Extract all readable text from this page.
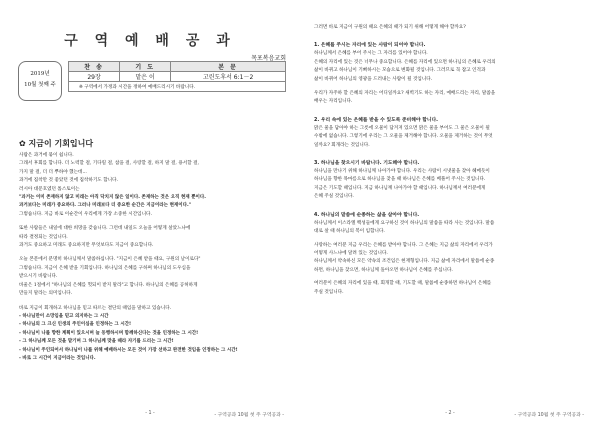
구 역 예 배 공 과
목포복음교회
2019년
10월 첫째 주
찬 송	기 도	본 문
29장	맡은 이	고린도후서 6:1－2
※ 구역에서 가정과 시간을 정하여 예배드리시기 바랍니다.		
✿ 지금이 기회입니다
사람은 과거에 묶이 쉽니다.
그래서 후회를 합니다. 더 노력할 걸, 기다릴 걸, 참을 걸, 사랑할 걸, 하지 말 걸, 용서할 걸,
가지 말 걸, 더 더 뿌하야 했는데...
과거에 집착만 것 좋았던 것에 집착하기도 합니다.
러시아 대문호였던 톨스토이는
"과거는 이미 존재하지 않고 미래는 아직 닥치지 않은 일이다. 존재하는 것은 오직 현재 뿐이다.
과거보다는 미래가 중요하다. 그러나 미래보다 더 중요한 순간은 지금이라는 현재이다."
그렇습니다. 지금 바로 이순간이 우리에게 가장 소중한 시간입니다.
또한 사람들은 내일에 대한 희망을 갖습니다. 그런데 내일도 오늘을 어떻게 살았느냐에
따라 결정되는 것입니다.
과거도 중요하고 미래도 중요하지만 무엇보다도 지금이 중요합니다.
오늘 본문에서 분명히 하나님께서 말씀하십니다. "지금이 은혜 받을 때요, 구원의 날이로다"
그렇습니다. 지금이 은혜 받을 기회입니다. 하나님의 은혜를 구하며 하나님의 도우심을
받으시기 바랍니다.
바울은 1절에서 "하나님의 은혜를 헛되이 받지 말라"고 합니다. 하나님의 은혜를 공허하게
만들지 말라는 의미입니다.
바로 지금이 회개하고 하나님을 믿고 따르는 결단의 때임을 말하고 있습니다.
- 하나님만이 소망임을 믿고 의지하는 그 시간
- 하나님의 그 크신 인생의 주인이심을 인정하는 그 시간!
- 하나님이 나를 향한 계획이 있으시며 늘 동행하시며 함께하신다는 것을 인정하는 그 시간!
- 그 하나님께 모든 것을 맡기며 그 하나님께 맞을 때라 자기를 드리는 그 시간!
- 하나님이 주인되어서 하나님이 나를 위해 예배하시는 모든 것이 가장 선하고 완전한 것임을 인정하는 그 시간!
- 바로 그 시간이 지금이라는 것입니다.
- 1 -	- 구역공과 10월 첫 주 구역공과 -
그러면 바로 지금이 구원의 때요 은혜의 때가 되기 위해 어떻게 해야 할까요?
1. 은혜를 주시는 자리에 있는 사람이 되어야 합니다.
하나님께서 은혜를 부어 주시는 그 자리를 있어야 합니다.
은혜의 자리에 있는 것은 너무나 중요합니다. 은혜를 자리에 있으면 하나님의 은혜로 우리의
삶이 바뀌고 하나님이 기뻐하시는 모습으로 변화될 것입니다. 그러므로 꼭 잡고 인격과
삶이 바뀌어 하나님의 영광을 드러내는 사람이 될 것입니다.
우리가 자주하 할 은혜의 자리는 어디일까요? 새벽기도 하는 자리, 예배드리는 자리, 말씀을
배우는 자리입니다.
2. 우리 속에 있는 은혜를 받을 수 있도록 준비해야 합니다.
맑은 물을 담아야 하는 그릇에 오물이 담겨져 있으면 맑은 물을 부어도 그 물은 오물이 될
수밖에 없습니다. 그렇기에 우리는 그 오물을 제거해야 합니다. 오물을 제거하는 것이 무엇
일까요? 회개라는 것입니다.
3. 하나님을 찾으시기 바랍니다. 기도해야 합니다.
하나님을 만나기 위해 하나님께 나아가야 합니다. 우리는 사람이 시냇물을 찾아 헤매듯이
하나님을 향한 목마름으로 하나님을 찾을 때 하나님은 은혜를 베풀어 주시는 것입니다.
지금은 기도할 때입니다. 지금 하나님께 나아가야 할 때입니다. 하나님께서 여러분에게
은혜 주실 것입니다.
4. 하나님의 말씀에 순종하는 삶을 살아야 합니다.
하나님께서 이스라엘 백성들에게 요구하신 것이 하나님의 말씀을 따라 사는 것입니다. 말씀
대로 살 때 하나님의 복이 임합니다.
사랑하는 여러분 지금 우리는 은혜를 받아야 합니다. 그 은혜는 지금 삶의 자리에서 우리가
어떻게 사느냐에 달려 있는 것입니다.
하나님께서 약속하신 모든 약속의 조건임은 현재형입니다. 지금 삶에 자리에서 말씀에 순종
하면, 하나님을 찾으면, 하나님께 돌아오면 하나님이 은혜를 주십니다.
여러분이 은혜의 자리에 있을 때, 회개할 때, 기도할 때, 말씀에 순종하면 하나님이 은혜를
주실 것입니다.
- 2 -	- 구역공과 10월 첫 주 구역공과 -
